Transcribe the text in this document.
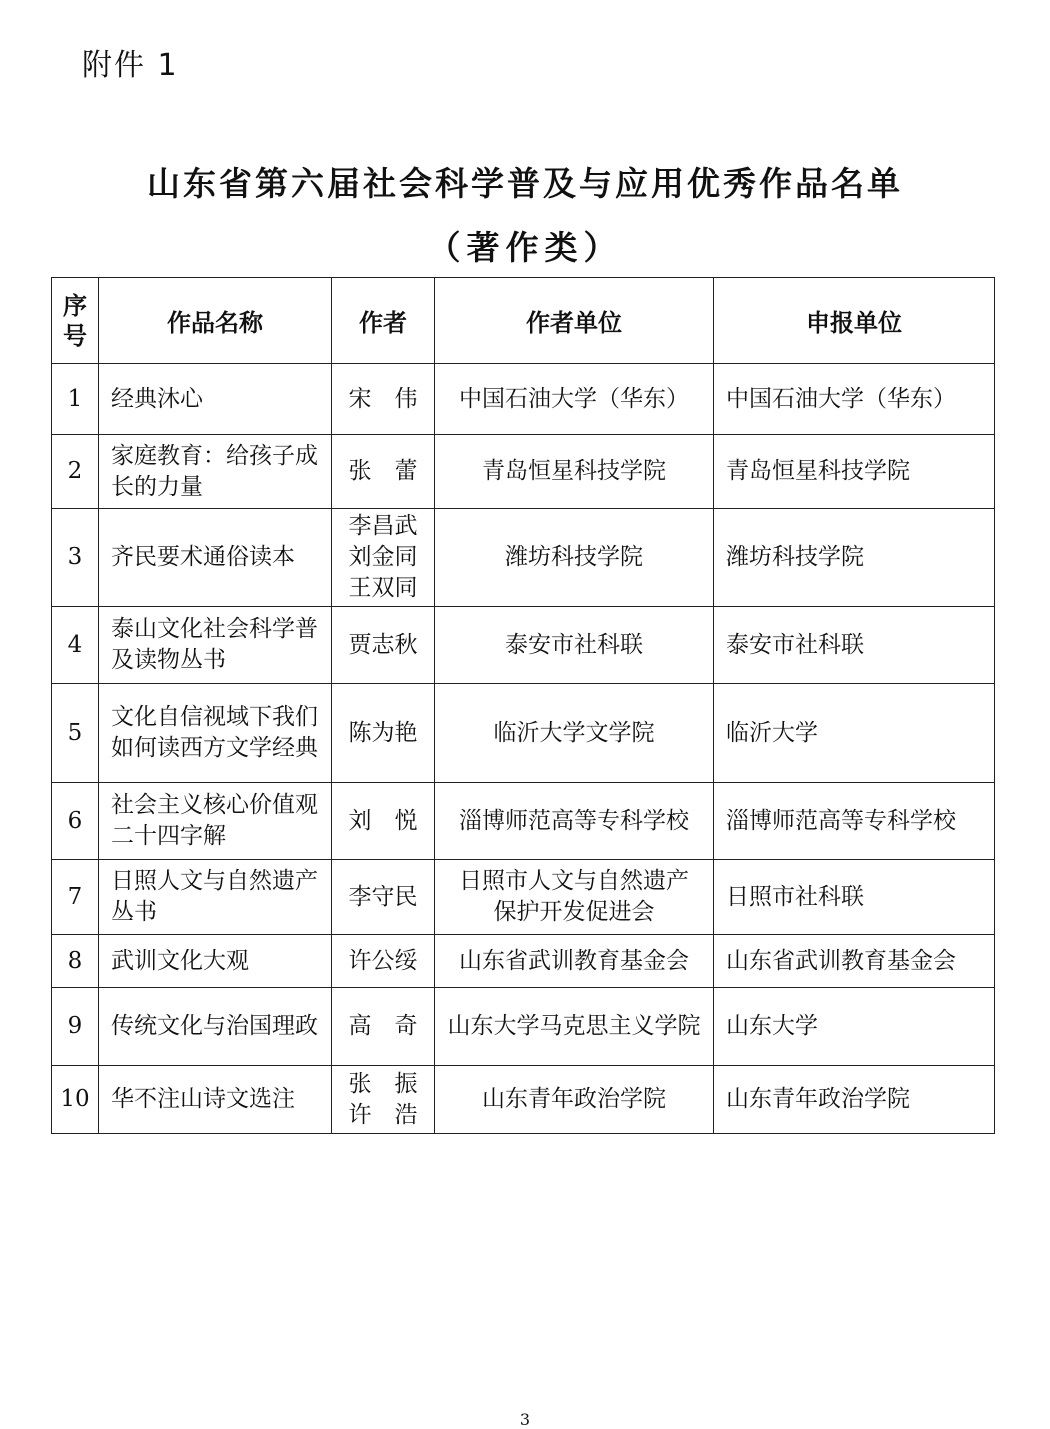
附件 1
山东省第六届社会科学普及与应用优秀作品名单
（著作类）
序
号	作品名称	作者	作者单位	申报单位
1	经典沐心	宋　伟	中国石油大学（华东）	中国石油大学（华东）
2	家庭教育：给孩子成长的力量	张　蕾	青岛恒星科技学院	青岛恒星科技学院
3	齐民要术通俗读本	李昌武
刘金同
王双同	潍坊科技学院	潍坊科技学院
4	泰山文化社会科学普及读物丛书	贾志秋	泰安市社科联	泰安市社科联
5	文化自信视域下我们如何读西方文学经典	陈为艳	临沂大学文学院	临沂大学
6	社会主义核心价值观二十四字解	刘　悦	淄博师范高等专科学校	淄博师范高等专科学校
7	日照人文与自然遗产丛书	李守民	日照市人文与自然遗产
保护开发促进会	日照市社科联
8	武训文化大观	许公绥	山东省武训教育基金会	山东省武训教育基金会
9	传统文化与治国理政	高　奇	山东大学马克思主义学院	山东大学
10	华不注山诗文选注	张　振
许　浩	山东青年政治学院	山东青年政治学院
3
